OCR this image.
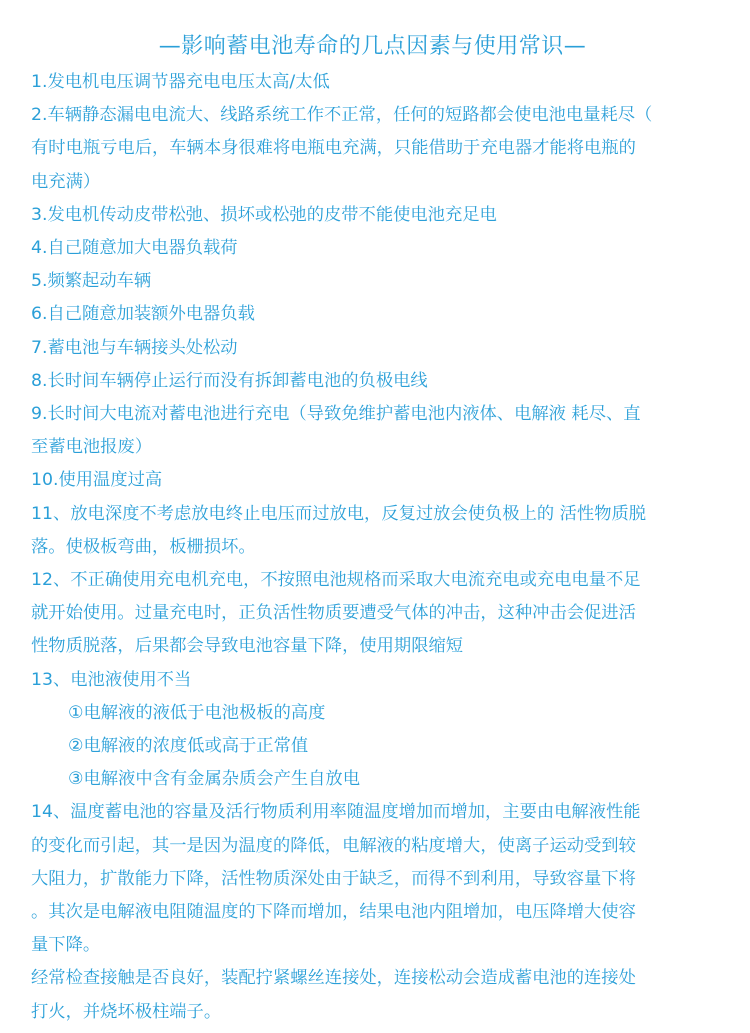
—影响蓄电池寿命的几点因素与使用常识—

1.发电机电压调节器充电电压太高/太低

2.车辆静态漏电电流大、线路系统工作不正常，任何的短路都会使电池电量耗尽（

有时电瓶亏电后，车辆本身很难将电瓶电充满，只能借助于充电器才能将电瓶的

电充满）

3.发电机传动皮带松弛、损坏或松弛的皮带不能使电池充足电

4.自己随意加大电器负载荷

5.频繁起动车辆

6.自己随意加装额外电器负载

7.蓄电池与车辆接头处松动

8.长时间车辆停止运行而没有拆卸蓄电池的负极电线

9.长时间大电流对蓄电池进行充电（导致免维护蓄电池内液体、电解液 耗尽、直

至蓄电池报废）

10.使用温度过高

11、放电深度不考虑放电终止电压而过放电，反复过放会使负极上的 活性物质脱

落。使极板弯曲，板栅损坏。

12、不正确使用充电机充电，不按照电池规格而采取大电流充电或充电电量不足

就开始使用。过量充电时，正负活性物质要遭受气体的冲击，这种冲击会促进活

性物质脱落，后果都会导致电池容量下降，使用期限缩短

13、电池液使用不当

①电解液的液低于电池极板的高度

②电解液的浓度低或高于正常值

③电解液中含有金属杂质会产生自放电

14、温度蓄电池的容量及活行物质利用率随温度增加而增加，主要由电解液性能

的变化而引起，其一是因为温度的降低，电解液的粘度增大，使离子运动受到较

大阻力，扩散能力下降，活性物质深处由于缺乏，而得不到利用，导致容量下将

。其次是电解液电阻随温度的下降而增加，结果电池内阻增加，电压降增大使容

量下降。

经常检查接触是否良好，装配拧紧螺丝连接处，连接松动会造成蓄电池的连接处

打火，并烧坏极柱端子。
